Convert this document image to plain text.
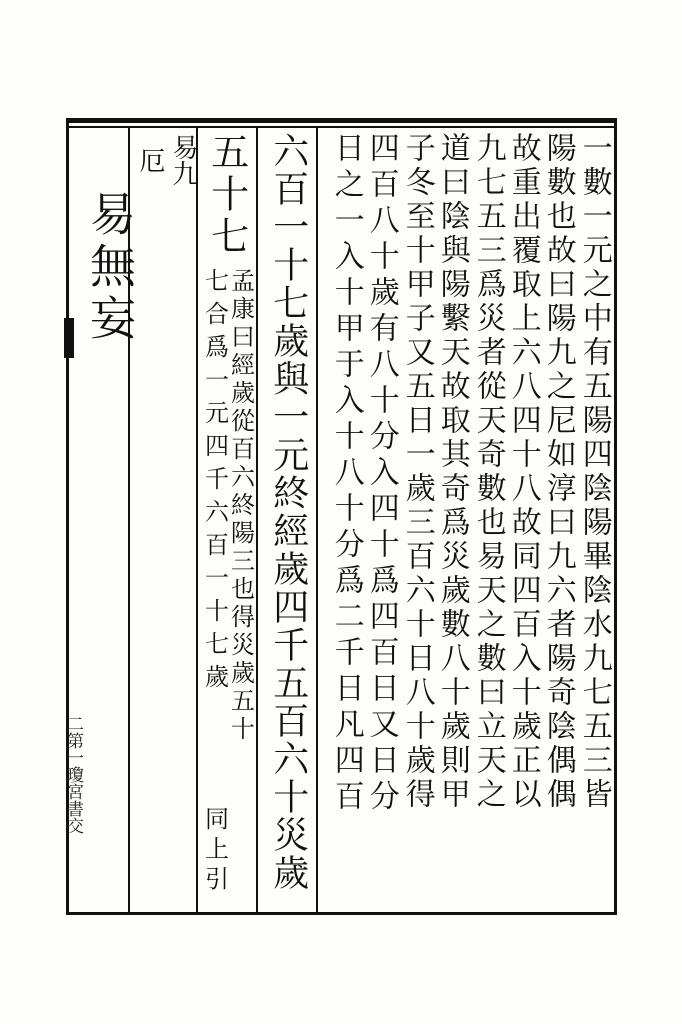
易無妄
二第一瓊宮書交
厄 易九	一數一元之中有五陽四陰陽畢陰水九七五三皆
陽數也故曰陽九之尼如淳曰九六者陽奇陰偶偶
故重出覆取上六八四十八故同四百入十歲正以
九七五三爲災者從天奇數也易天之數曰立天之
道曰陰與陽繫天故取其奇爲災歲數八十歲則甲
子冬至十甲子又五日一歲三百六十日八十歲得
四百八十歲有八十分入四十爲四百日又日分
日之一入十甲于入十八十分爲二千日凡四百
六百一十七歲與一元終經歲四千五百六十災歲
五十七
七合爲一元四千六百一十七歲
孟康曰經歲從百六終陽三也得災歲五十
同上引
